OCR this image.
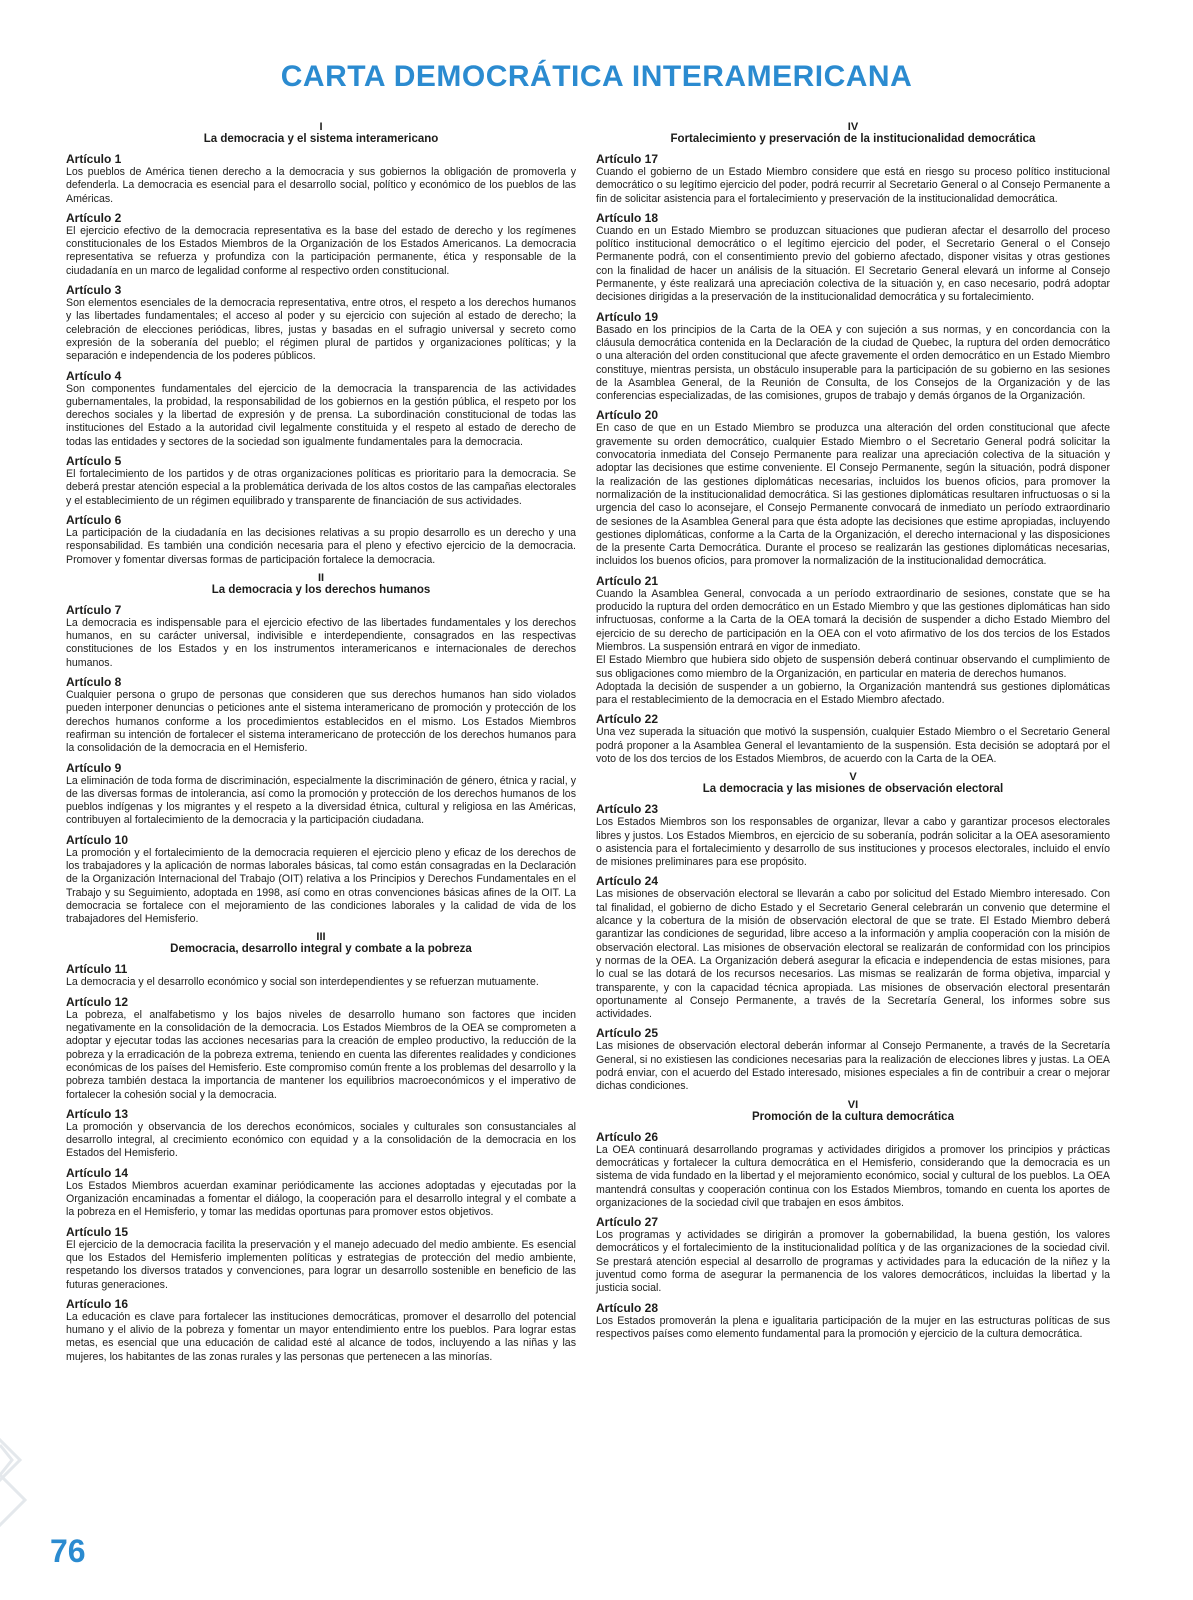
CARTA DEMOCRÁTICA INTERAMERICANA
I
La democracia y el sistema interamericano
Artículo 1

Los pueblos de América tienen derecho a la democracia y sus gobiernos la obligación de promoverla y defenderla. La democracia es esencial para el desarrollo social, político y económico de los pueblos de las Américas.

Artículo 2

El ejercicio efectivo de la democracia representativa es la base del estado de derecho y los regímenes constitucionales de los Estados Miembros de la Organización de los Estados Americanos. La democracia representativa se refuerza y profundiza con la participación permanente, ética y responsable de la ciudadanía en un marco de legalidad conforme al respectivo orden constitucional.

Artículo 3

Son elementos esenciales de la democracia representativa, entre otros, el respeto a los derechos humanos y las libertades fundamentales; el acceso al poder y su ejercicio con sujeción al estado de derecho; la celebración de elecciones periódicas, libres, justas y basadas en el sufragio universal y secreto como expresión de la soberanía del pueblo; el régimen plural de partidos y organizaciones políticas; y la separación e independencia de los poderes públicos.

Artículo 4

Son componentes fundamentales del ejercicio de la democracia la transparencia de las actividades gubernamentales, la probidad, la responsabilidad de los gobiernos en la gestión pública, el respeto por los derechos sociales y la libertad de expresión y de prensa. La subordinación constitucional de todas las instituciones del Estado a la autoridad civil legalmente constituida y el respeto al estado de derecho de todas las entidades y sectores de la sociedad son igualmente fundamentales para la democracia.

Artículo 5

El fortalecimiento de los partidos y de otras organizaciones políticas es prioritario para la democracia. Se deberá prestar atención especial a la problemática derivada de los altos costos de las campañas electorales y el establecimiento de un régimen equilibrado y transparente de financiación de sus actividades.

Artículo 6

La participación de la ciudadanía en las decisiones relativas a su propio desarrollo es un derecho y una responsabilidad. Es también una condición necesaria para el pleno y efectivo ejercicio de la democracia. Promover y fomentar diversas formas de participación fortalece la democracia.

II
La democracia y los derechos humanos
Artículo 7

La democracia es indispensable para el ejercicio efectivo de las libertades fundamentales y los derechos humanos, en su carácter universal, indivisible e interdependiente, consagrados en las respectivas constituciones de los Estados y en los instrumentos interamericanos e internacionales de derechos humanos.

Artículo 8

Cualquier persona o grupo de personas que consideren que sus derechos humanos han sido violados pueden interponer denuncias o peticiones ante el sistema interamericano de promoción y protección de los derechos humanos conforme a los procedimientos establecidos en el mismo. Los Estados Miembros reafirman su intención de fortalecer el sistema interamericano de protección de los derechos humanos para la consolidación de la democracia en el Hemisferio.

Artículo 9

La eliminación de toda forma de discriminación, especialmente la discriminación de género, étnica y racial, y de las diversas formas de intolerancia, así como la promoción y protección de los derechos humanos de los pueblos indígenas y los migrantes y el respeto a la diversidad étnica, cultural y religiosa en las Américas, contribuyen al fortalecimiento de la democracia y la participación ciudadana.

Artículo 10

La promoción y el fortalecimiento de la democracia requieren el ejercicio pleno y eficaz de los derechos de los trabajadores y la aplicación de normas laborales básicas, tal como están consagradas en la Declaración de la Organización Internacional del Trabajo (OIT) relativa a los Principios y Derechos Fundamentales en el Trabajo y su Seguimiento, adoptada en 1998, así como en otras convenciones básicas afines de la OIT. La democracia se fortalece con el mejoramiento de las condiciones laborales y la calidad de vida de los trabajadores del Hemisferio.

III
Democracia, desarrollo integral y combate a la pobreza
Artículo 11

La democracia y el desarrollo económico y social son interdependientes y se refuerzan mutuamente.

Artículo 12

La pobreza, el analfabetismo y los bajos niveles de desarrollo humano son factores que inciden negativamente en la consolidación de la democracia. Los Estados Miembros de la OEA se comprometen a adoptar y ejecutar todas las acciones necesarias para la creación de empleo productivo, la reducción de la pobreza y la erradicación de la pobreza extrema, teniendo en cuenta las diferentes realidades y condiciones económicas de los países del Hemisferio. Este compromiso común frente a los problemas del desarrollo y la pobreza también destaca la importancia de mantener los equilibrios macroeconómicos y el imperativo de fortalecer la cohesión social y la democracia.

Artículo 13

La promoción y observancia de los derechos económicos, sociales y culturales son consustanciales al desarrollo integral, al crecimiento económico con equidad y a la consolidación de la democracia en los Estados del Hemisferio.

Artículo 14

Los Estados Miembros acuerdan examinar periódicamente las acciones adoptadas y ejecutadas por la Organización encaminadas a fomentar el diálogo, la cooperación para el desarrollo integral y el combate a la pobreza en el Hemisferio, y tomar las medidas oportunas para promover estos objetivos.

Artículo 15

El ejercicio de la democracia facilita la preservación y el manejo adecuado del medio ambiente. Es esencial que los Estados del Hemisferio implementen políticas y estrategias de protección del medio ambiente, respetando los diversos tratados y convenciones, para lograr un desarrollo sostenible en beneficio de las futuras generaciones.

Artículo 16

La educación es clave para fortalecer las instituciones democráticas, promover el desarrollo del potencial humano y el alivio de la pobreza y fomentar un mayor entendimiento entre los pueblos. Para lograr estas metas, es esencial que una educación de calidad esté al alcance de todos, incluyendo a las niñas y las mujeres, los habitantes de las zonas rurales y las personas que pertenecen a las minorías.

IV
Fortalecimiento y preservación de la institucionalidad democrática
Artículo 17

Cuando el gobierno de un Estado Miembro considere que está en riesgo su proceso político institucional democrático o su legítimo ejercicio del poder, podrá recurrir al Secretario General o al Consejo Permanente a fin de solicitar asistencia para el fortalecimiento y preservación de la institucionalidad democrática.

Artículo 18

Cuando en un Estado Miembro se produzcan situaciones que pudieran afectar el desarrollo del proceso político institucional democrático o el legítimo ejercicio del poder, el Secretario General o el Consejo Permanente podrá, con el consentimiento previo del gobierno afectado, disponer visitas y otras gestiones con la finalidad de hacer un análisis de la situación. El Secretario General elevará un informe al Consejo Permanente, y éste realizará una apreciación colectiva de la situación y, en caso necesario, podrá adoptar decisiones dirigidas a la preservación de la institucionalidad democrática y su fortalecimiento.

Artículo 19

Basado en los principios de la Carta de la OEA y con sujeción a sus normas, y en concordancia con la cláusula democrática contenida en la Declaración de la ciudad de Quebec, la ruptura del orden democrático o una alteración del orden constitucional que afecte gravemente el orden democrático en un Estado Miembro constituye, mientras persista, un obstáculo insuperable para la participación de su gobierno en las sesiones de la Asamblea General, de la Reunión de Consulta, de los Consejos de la Organización y de las conferencias especializadas, de las comisiones, grupos de trabajo y demás órganos de la Organización.

Artículo 20

En caso de que en un Estado Miembro se produzca una alteración del orden constitucional que afecte gravemente su orden democrático, cualquier Estado Miembro o el Secretario General podrá solicitar la convocatoria inmediata del Consejo Permanente para realizar una apreciación colectiva de la situación y adoptar las decisiones que estime conveniente. El Consejo Permanente, según la situación, podrá disponer la realización de las gestiones diplomáticas necesarias, incluidos los buenos oficios, para promover la normalización de la institucionalidad democrática. Si las gestiones diplomáticas resultaren infructuosas o si la urgencia del caso lo aconsejare, el Consejo Permanente convocará de inmediato un período extraordinario de sesiones de la Asamblea General para que ésta adopte las decisiones que estime apropiadas, incluyendo gestiones diplomáticas, conforme a la Carta de la Organización, el derecho internacional y las disposiciones de la presente Carta Democrática. Durante el proceso se realizarán las gestiones diplomáticas necesarias, incluidos los buenos oficios, para promover la normalización de la institucionalidad democrática.

Artículo 21

Cuando la Asamblea General, convocada a un período extraordinario de sesiones, constate que se ha producido la ruptura del orden democrático en un Estado Miembro y que las gestiones diplomáticas han sido infructuosas, conforme a la Carta de la OEA tomará la decisión de suspender a dicho Estado Miembro del ejercicio de su derecho de participación en la OEA con el voto afirmativo de los dos tercios de los Estados Miembros. La suspensión entrará en vigor de inmediato.

El Estado Miembro que hubiera sido objeto de suspensión deberá continuar observando el cumplimiento de sus obligaciones como miembro de la Organización, en particular en materia de derechos humanos.

Adoptada la decisión de suspender a un gobierno, la Organización mantendrá sus gestiones diplomáticas para el restablecimiento de la democracia en el Estado Miembro afectado.

Artículo 22

Una vez superada la situación que motivó la suspensión, cualquier Estado Miembro o el Secretario General podrá proponer a la Asamblea General el levantamiento de la suspensión. Esta decisión se adoptará por el voto de los dos tercios de los Estados Miembros, de acuerdo con la Carta de la OEA.

V
La democracia y las misiones de observación electoral
Artículo 23

Los Estados Miembros son los responsables de organizar, llevar a cabo y garantizar procesos electorales libres y justos. Los Estados Miembros, en ejercicio de su soberanía, podrán solicitar a la OEA asesoramiento o asistencia para el fortalecimiento y desarrollo de sus instituciones y procesos electorales, incluido el envío de misiones preliminares para ese propósito.

Artículo 24

Las misiones de observación electoral se llevarán a cabo por solicitud del Estado Miembro interesado. Con tal finalidad, el gobierno de dicho Estado y el Secretario General celebrarán un convenio que determine el alcance y la cobertura de la misión de observación electoral de que se trate. El Estado Miembro deberá garantizar las condiciones de seguridad, libre acceso a la información y amplia cooperación con la misión de observación electoral. Las misiones de observación electoral se realizarán de conformidad con los principios y normas de la OEA. La Organización deberá asegurar la eficacia e independencia de estas misiones, para lo cual se las dotará de los recursos necesarios. Las mismas se realizarán de forma objetiva, imparcial y transparente, y con la capacidad técnica apropiada. Las misiones de observación electoral presentarán oportunamente al Consejo Permanente, a través de la Secretaría General, los informes sobre sus actividades.

Artículo 25

Las misiones de observación electoral deberán informar al Consejo Permanente, a través de la Secretaría General, si no existiesen las condiciones necesarias para la realización de elecciones libres y justas. La OEA podrá enviar, con el acuerdo del Estado interesado, misiones especiales a fin de contribuir a crear o mejorar dichas condiciones.

VI
Promoción de la cultura democrática
Artículo 26

La OEA continuará desarrollando programas y actividades dirigidos a promover los principios y prácticas democráticas y fortalecer la cultura democrática en el Hemisferio, considerando que la democracia es un sistema de vida fundado en la libertad y el mejoramiento económico, social y cultural de los pueblos. La OEA mantendrá consultas y cooperación continua con los Estados Miembros, tomando en cuenta los aportes de organizaciones de la sociedad civil que trabajen en esos ámbitos.

Artículo 27

Los programas y actividades se dirigirán a promover la gobernabilidad, la buena gestión, los valores democráticos y el fortalecimiento de la institucionalidad política y de las organizaciones de la sociedad civil. Se prestará atención especial al desarrollo de programas y actividades para la educación de la niñez y la juventud como forma de asegurar la permanencia de los valores democráticos, incluidas la libertad y la justicia social.

Artículo 28

Los Estados promoverán la plena e igualitaria participación de la mujer en las estructuras políticas de sus respectivos países como elemento fundamental para la promoción y ejercicio de la cultura democrática.

76
